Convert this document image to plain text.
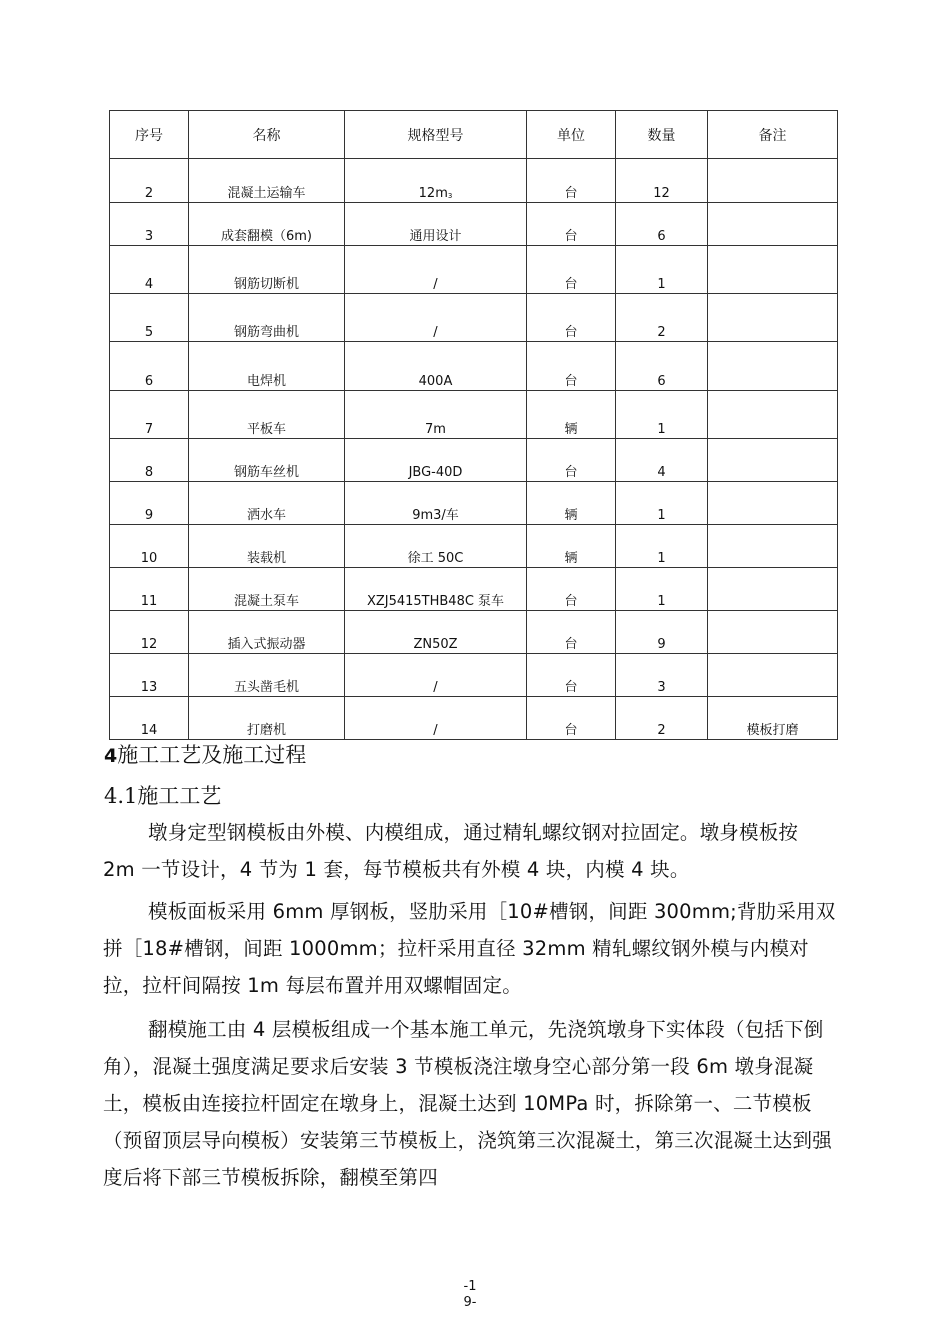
序号	名称	规格型号	单位	数量	备注
2	混凝土运输车	$12m_3$	台	12	
3	成套翻模（6m)	通用设计	台	6	
4	钢筋切断机	/	台	1	
5	钢筋弯曲机	/	台	2	
6	电焊机	400A	台	6	
7	平板车	7m	辆	1	
8	钢筋车丝机	JBG-40D	台	4	
9	洒水车	9m3/车	辆	1	
10	装载机	徐工 50C	辆	1	
11	混凝土泵车	XZJ5415THB48C 泵车	台	1	
12	插入式振动器	ZN50Z	台	9	
13	五头凿毛机	/	台	3	
14	打磨机	/	台	2	模板打磨
4施工工艺及施工过程
4.1施工工艺

墩身定型钢模板由外模、内模组成，通过精轧螺纹钢对拉固定。墩身模板按 2m 一节设计，4 节为 1 套，每节模板共有外模 4 块，内模 4 块。

模板面板采用 6mm 厚钢板，竖肋采用［10#槽钢，间距 300mm;背肋采用双拼［18#槽钢，间距 1000mm；拉杆采用直径 32mm 精轧螺纹钢外模与内模对拉，拉杆间隔按 1m 每层布置并用双螺帽固定。

翻模施工由 4 层模板组成一个基本施工单元，先浇筑墩身下实体段（包括下倒角），混凝土强度满足要求后安装 3 节模板浇注墩身空心部分第一段 6m 墩身混凝土，模板由连接拉杆固定在墩身上，混凝土达到 10MPa 时，拆除第一、二节模板（预留顶层导向模板）安装第三节模板上，浇筑第三次混凝土，第三次混凝土达到强度后将下部三节模板拆除，翻模至第四

-1
9-
